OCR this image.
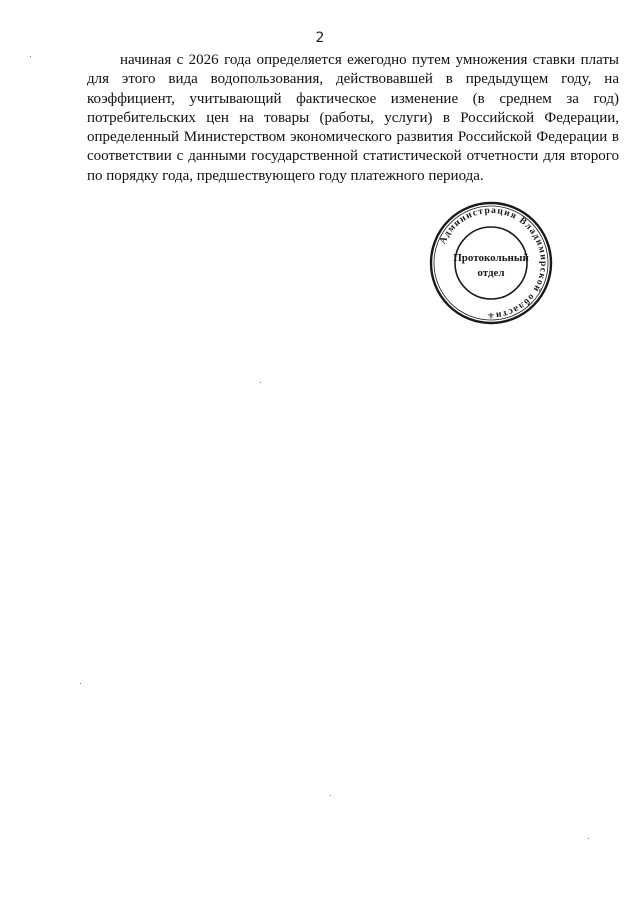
2

начиная с 2026 года определяется ежегодно путем умножения ставки платы для этого вида водопользования, действовавшей в предыдущем году, на коэффициент, учитывающий фактическое изменение (в среднем за год) потребительских цен на товары (работы, услуги) в Российской Федерации, определенный Министерством экономического развития Российской Федерации в соответствии с данными государственной статистической отчетности для второго по порядку года, предшествующего году платежного периода.

Администрация Владимирской области
⚜
Протокольный
отдел
